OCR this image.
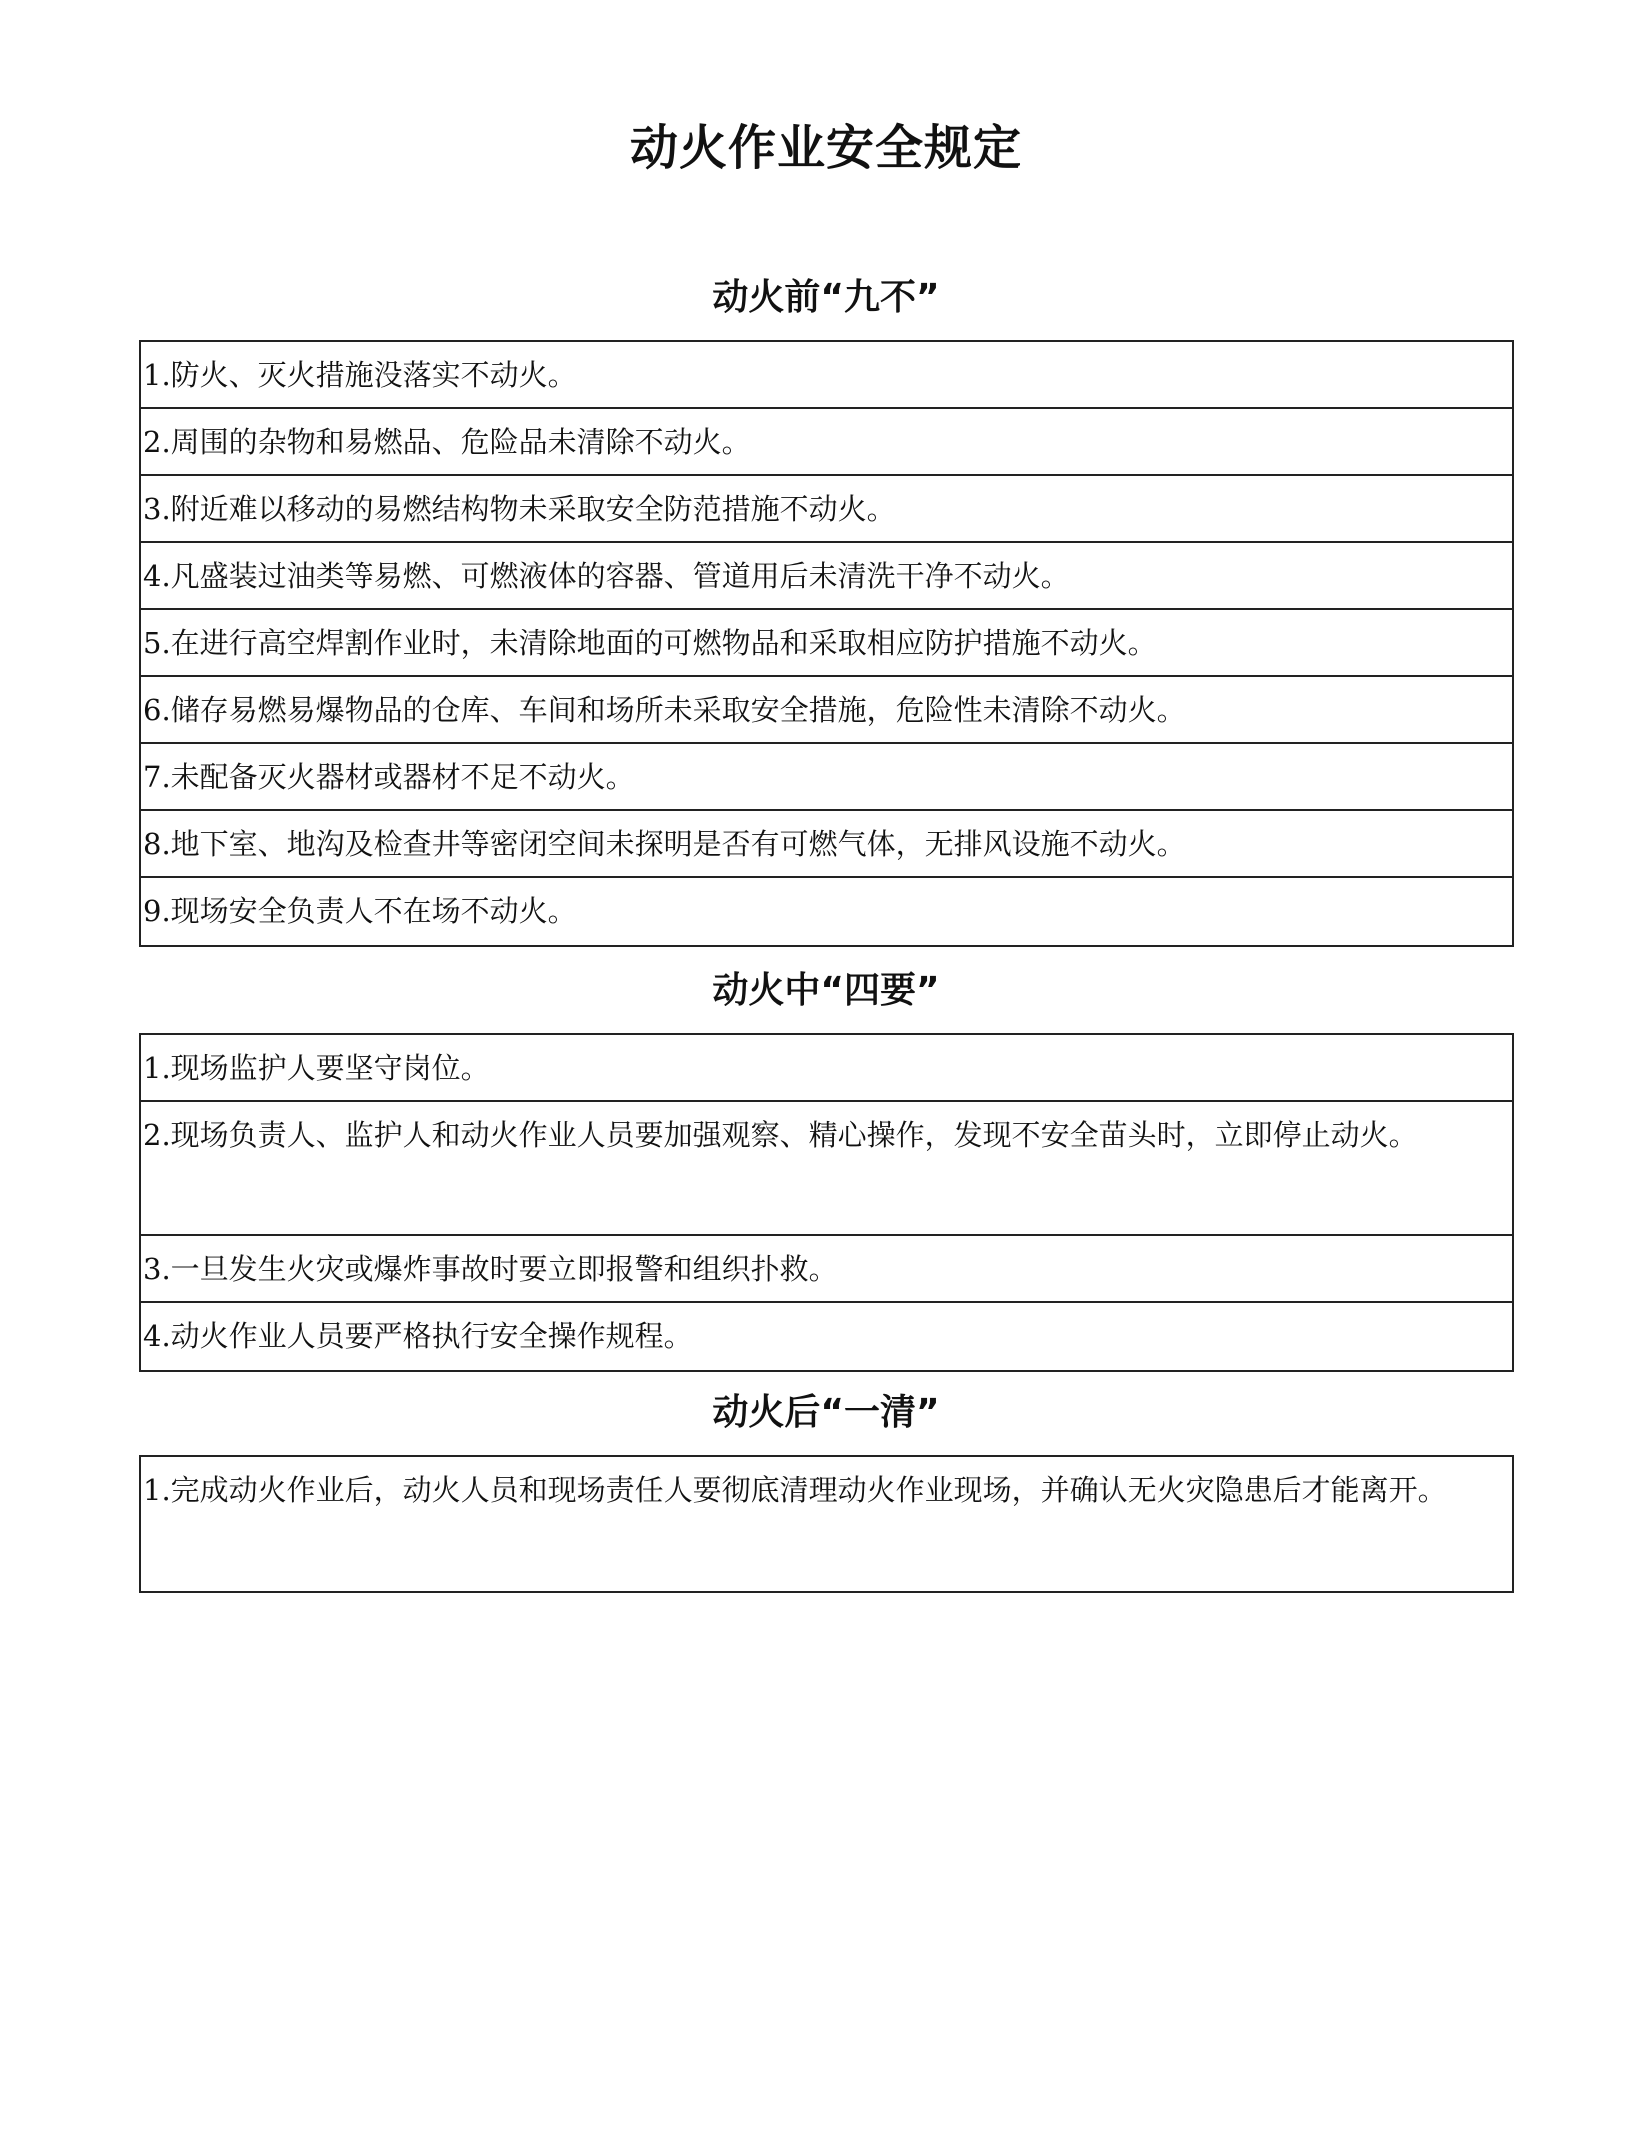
动火作业安全规定
动火前“九不”
1.防火、灭火措施没落实不动火。
2.周围的杂物和易燃品、危险品未清除不动火。
3.附近难以移动的易燃结构物未采取安全防范措施不动火。
4.凡盛装过油类等易燃、可燃液体的容器、管道用后未清洗干净不动火。
5.在进行高空焊割作业时，未清除地面的可燃物品和采取相应防护措施不动火。
6.储存易燃易爆物品的仓库、车间和场所未采取安全措施，危险性未清除不动火。
7.未配备灭火器材或器材不足不动火。
8.地下室、地沟及检查井等密闭空间未探明是否有可燃气体，无排风设施不动火。
9.现场安全负责人不在场不动火。
动火中“四要”
1.现场监护人要坚守岗位。
2.现场负责人、监护人和动火作业人员要加强观察、精心操作，发现不安全苗头时，立即停止动火。
3.一旦发生火灾或爆炸事故时要立即报警和组织扑救。
4.动火作业人员要严格执行安全操作规程。
动火后“一清”
1.完成动火作业后，动火人员和现场责任人要彻底清理动火作业现场，并确认无火灾隐患后才能离开。
